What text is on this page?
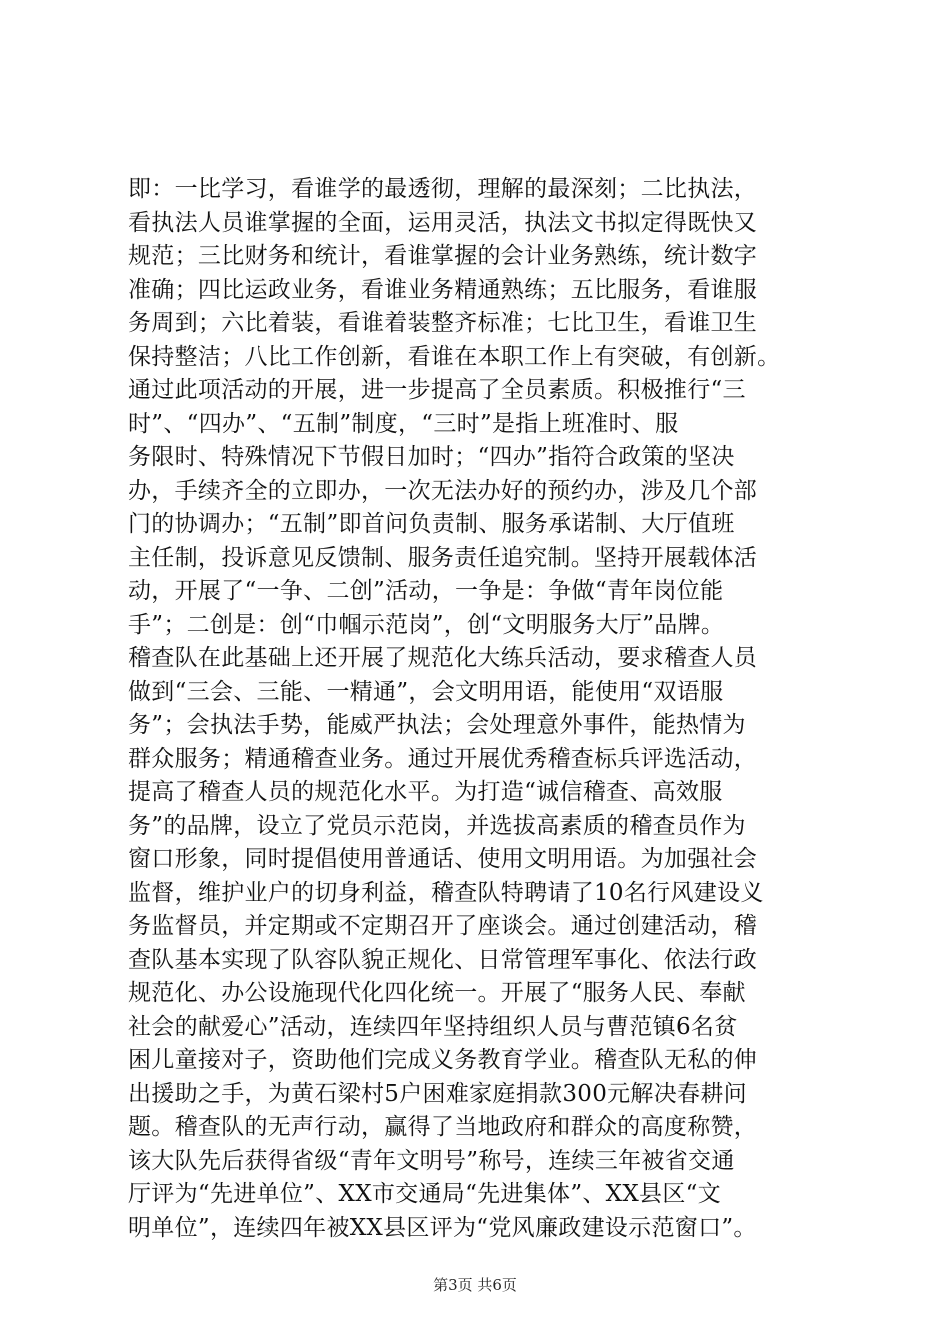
即：一比学习，看谁学的最透彻，理解的最深刻；二比执法，
看执法人员谁掌握的全面，运用灵活，执法文书拟定得既快又
规范；三比财务和统计，看谁掌握的会计业务熟练，统计数字
准确；四比运政业务，看谁业务精通熟练；五比服务，看谁服
务周到；六比着装，看谁着装整齐标准；七比卫生，看谁卫生
保持整洁；八比工作创新，看谁在本职工作上有突破，有创新。
通过此项活动的开展，进一步提高了全员素质。积极推行“三
时”、“四办”、“五制”制度，“三时”是指上班准时、服
务限时、特殊情况下节假日加时；“四办”指符合政策的坚决
办，手续齐全的立即办，一次无法办好的预约办，涉及几个部
门的协调办；“五制”即首问负责制、服务承诺制、大厅值班
主任制，投诉意见反馈制、服务责任追究制。坚持开展载体活
动，开展了“一争、二创”活动，一争是：争做“青年岗位能
手”；二创是：创“巾帼示范岗”，创“文明服务大厅”品牌。
稽查队在此基础上还开展了规范化大练兵活动，要求稽查人员
做到“三会、三能、一精通”，会文明用语，能使用“双语服
务”；会执法手势，能威严执法；会处理意外事件，能热情为
群众服务；精通稽查业务。通过开展优秀稽查标兵评选活动，
提高了稽查人员的规范化水平。为打造“诚信稽查、高效服
务”的品牌，设立了党员示范岗，并选拔高素质的稽查员作为
窗口形象，同时提倡使用普通话、使用文明用语。为加强社会
监督，维护业户的切身利益，稽查队特聘请了10名行风建设义
务监督员，并定期或不定期召开了座谈会。通过创建活动，稽
查队基本实现了队容队貌正规化、日常管理军事化、依法行政
规范化、办公设施现代化四化统一。开展了“服务人民、奉献
社会的献爱心”活动，连续四年坚持组织人员与曹范镇6名贫
困儿童接对子，资助他们完成义务教育学业。稽查队无私的伸
出援助之手，为黄石梁村5户困难家庭捐款300元解决春耕问
题。稽查队的无声行动，赢得了当地政府和群众的高度称赞，
该大队先后获得省级“青年文明号”称号，连续三年被省交通
厅评为“先进单位”、XX市交通局“先进集体”、XX县区“文
明单位”，连续四年被XX县区评为“党风廉政建设示范窗口”。
第3页 共6页
